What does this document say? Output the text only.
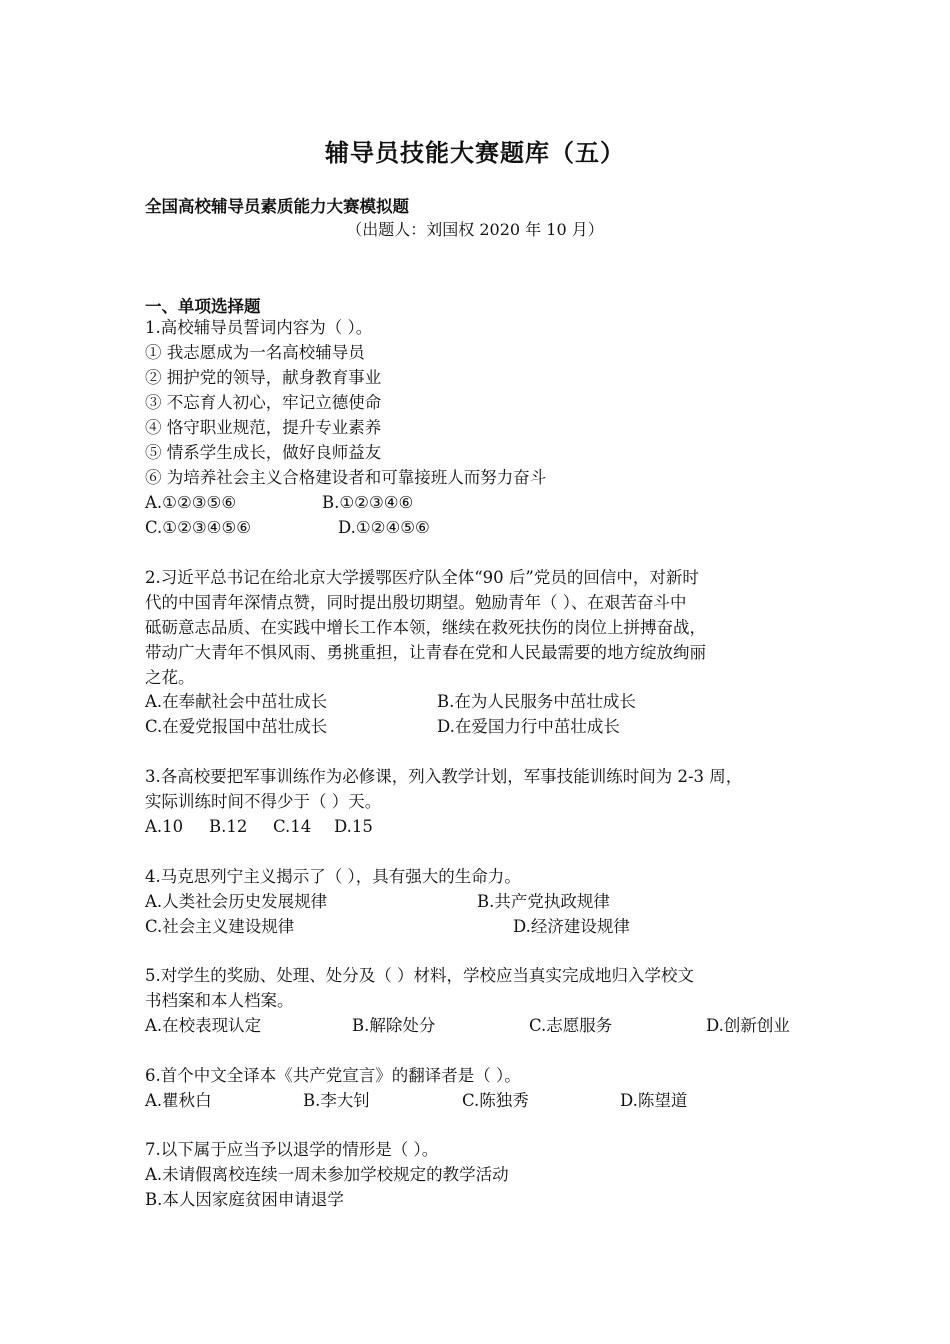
辅导员技能大赛题库（五）
全国高校辅导员素质能力大赛模拟题
（出题人：刘国权 2020 年 10 月）
一、单项选择题
1.高校辅导员誓词内容为（ ）。
① 我志愿成为一名高校辅导员
② 拥护党的领导，献身教育事业
③ 不忘育人初心，牢记立德使命
④ 恪守职业规范，提升专业素养
⑤ 情系学生成长，做好良师益友
⑥ 为培养社会主义合格建设者和可靠接班人而努力奋斗
A.①②③⑤⑥	B.①②③④⑥
C.①②③④⑤⑥	D.①②④⑤⑥
2.习近平总书记在给北京大学援鄂医疗队全体“90 后”党员的回信中，对新时
代的中国青年深情点赞，同时提出殷切期望。勉励青年（ ）、在艰苦奋斗中
砥砺意志品质、在实践中增长工作本领，继续在救死扶伤的岗位上拼搏奋战，
带动广大青年不惧风雨、勇挑重担，让青春在党和人民最需要的地方绽放绚丽
之花。
A.在奉献社会中茁壮成长	B.在为人民服务中茁壮成长
C.在爱党报国中茁壮成长	D.在爱国力行中茁壮成长
3.各高校要把军事训练作为必修课，列入教学计划，军事技能训练时间为 2-3 周，
实际训练时间不得少于（ ）天。
A.10 B.12 C.14 D.15
4.马克思列宁主义揭示了（ ），具有强大的生命力。
A.人类社会历史发展规律	B.共产党执政规律
C.社会主义建设规律	D.经济建设规律
5.对学生的奖励、处理、处分及（ ）材料，学校应当真实完成地归入学校文
书档案和本人档案。
A.在校表现认定	B.解除处分	C.志愿服务	D.创新创业
6.首个中文全译本《共产党宣言》的翻译者是（ ）。
A.瞿秋白	B.李大钊	C.陈独秀	D.陈望道
7.以下属于应当予以退学的情形是（ ）。
A.未请假离校连续一周未参加学校规定的教学活动
B.本人因家庭贫困申请退学
